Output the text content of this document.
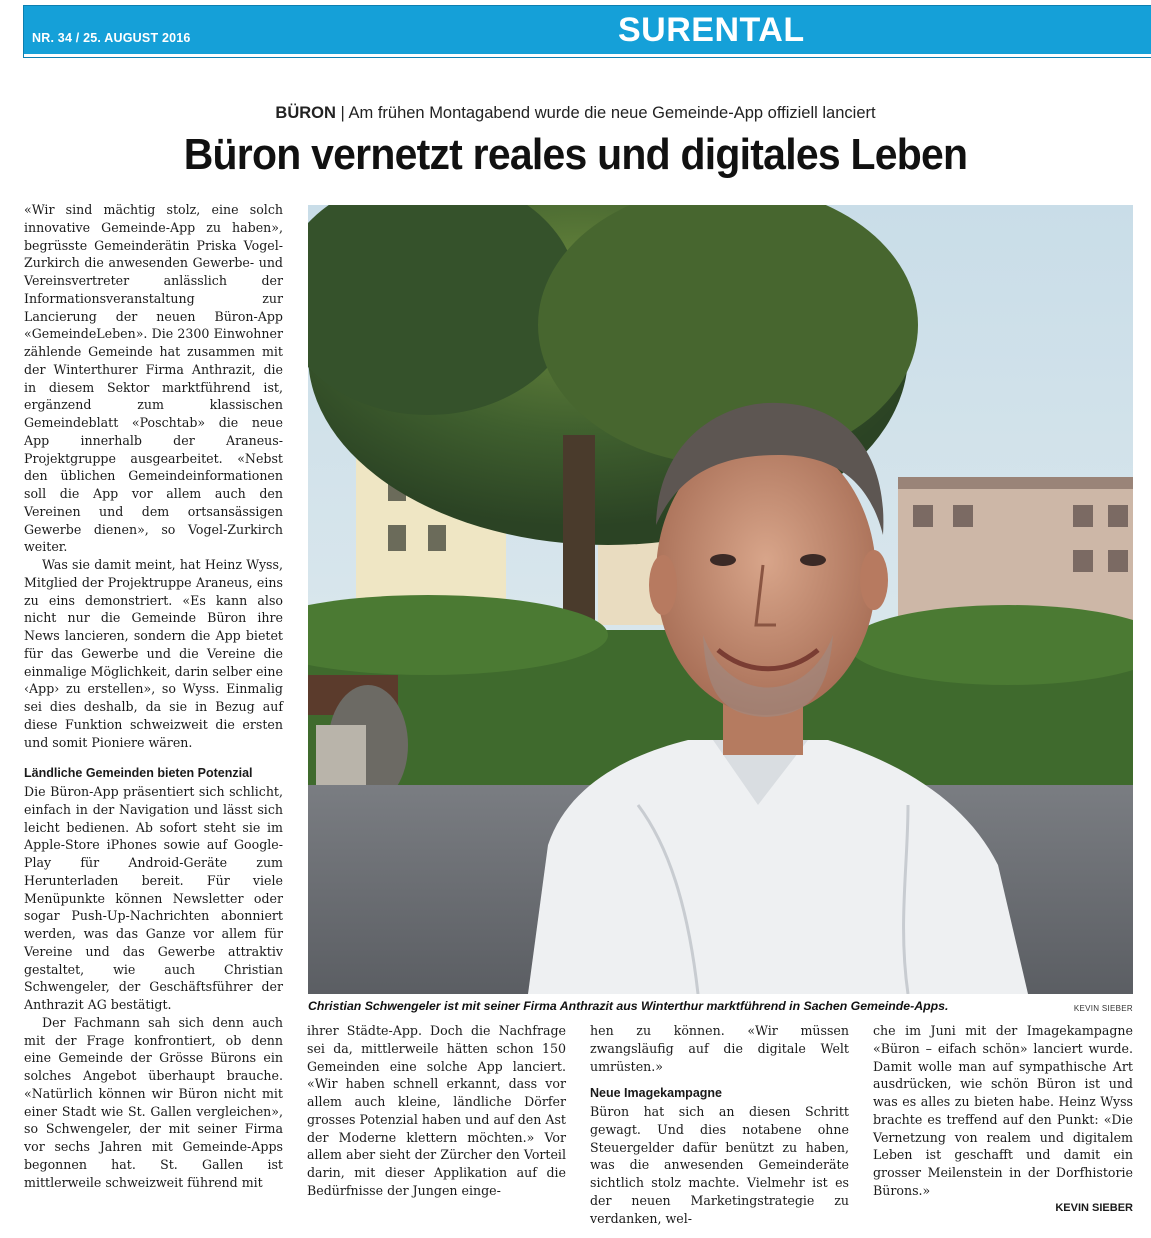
NR. 34 / 25. AUGUST 2016	SURENTAL
BÜRON | Am frühen Montagabend wurde die neue Gemeinde-App offiziell lanciert
Büron vernetzt reales und digitales Leben

«Wir sind mächtig stolz, eine solch innovative Gemeinde-App zu haben», begrüsste Gemeinderätin Priska Vogel-Zurkirch die anwesenden Gewerbe- und Vereinsvertreter anlässlich der Informationsveranstaltung zur Lancierung der neuen Büron-App «GemeindeLeben». Die 2300 Einwohner zählende Gemeinde hat zusammen mit der Winterthurer Firma Anthrazit, die in diesem Sektor marktführend ist, ergänzend zum klassischen Gemeindeblatt «Poschtab» die neue App innerhalb der Araneus-Projektgruppe ausgearbeitet. «Nebst den üblichen Gemeindeinformationen soll die App vor allem auch den Vereinen und dem ortsansässigen Gewerbe dienen», so Vogel-Zurkirch weiter.

Was sie damit meint, hat Heinz Wyss, Mitglied der Projektruppe Araneus, eins zu eins demonstriert. «Es kann also nicht nur die Gemeinde Büron ihre News lancieren, sondern die App bietet für das Gewerbe und die Vereine die einmalige Möglichkeit, darin selber eine ‹App› zu erstellen», so Wyss. Einmalig sei dies deshalb, da sie in Bezug auf diese Funktion schweizweit die ersten und somit Pioniere wären.

Ländliche Gemeinden bieten Potenzial

Die Büron-App präsentiert sich schlicht, einfach in der Navigation und lässt sich leicht bedienen. Ab sofort steht sie im Apple-Store iPhones sowie auf Google-Play für Android-Geräte zum Herunterladen bereit. Für viele Menüpunkte können Newsletter oder sogar Push-Up-Nachrichten abonniert werden, was das Ganze vor allem für Vereine und das Gewerbe attraktiv gestaltet, wie auch Christian Schwengeler, der Geschäftsführer der Anthrazit AG bestätigt.

Der Fachmann sah sich denn auch mit der Frage konfrontiert, ob denn eine Gemeinde der Grösse Bürons ein solches Angebot überhaupt brauche. «Natürlich können wir Büron nicht mit einer Stadt wie St. Gallen vergleichen», so Schwengeler, der mit seiner Firma vor sechs Jahren mit Gemeinde-Apps begonnen hat. St. Gallen ist mittlerweile schweizweit führend mit

Christian Schwengeler ist mit seiner Firma Anthrazit aus Winterthur marktführend in Sachen Gemeinde-Apps.	KEVIN SIEBER

ihrer Städte-App. Doch die Nachfrage sei da, mittlerweile hätten schon 150 Gemeinden eine solche App lanciert. «Wir haben schnell erkannt, dass vor allem auch kleine, ländliche Dörfer grosses Potenzial haben und auf den Ast der Moderne klettern möchten.» Vor allem aber sieht der Zürcher den Vorteil darin, mit dieser Applikation auf die Bedürfnisse der Jungen einge-

hen zu können. «Wir müssen zwangsläufig auf die digitale Welt umrüsten.»

Neue Imagekampagne

Büron hat sich an diesen Schritt gewagt. Und dies notabene ohne Steuergelder dafür benützt zu haben, was die anwesenden Gemeinderäte sichtlich stolz machte. Vielmehr ist es der neuen Marketingstrategie zu verdanken, wel-

che im Juni mit der Imagekampagne «Büron – eifach schön» lanciert wurde. Damit wolle man auf sympathische Art ausdrücken, wie schön Büron ist und was es alles zu bieten habe. Heinz Wyss brachte es treffend auf den Punkt: «Die Vernetzung von realem und digitalem Leben ist geschafft und damit ein grosser Meilenstein in der Dorfhistorie Bürons.»

KEVIN SIEBER
